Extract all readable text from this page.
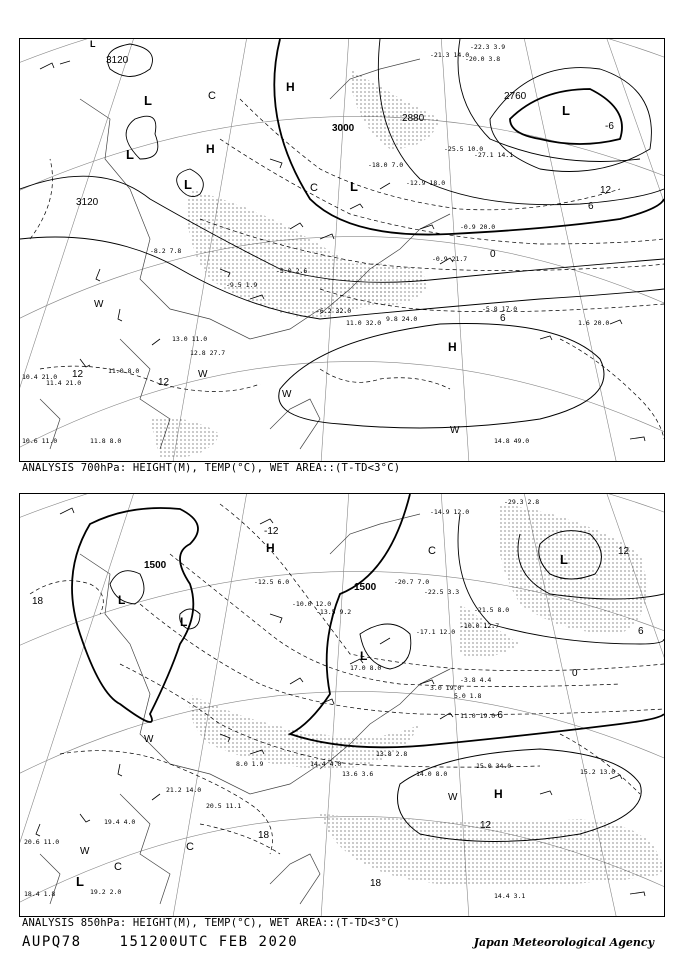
L
L
L	L
L
L
H
H
H
C
C
W
W
W
W
3120
3120
3000
2880
2760
12
12
12
6
0
-6
6
-21.3 14.0
-22.3 3.9
-20.0 3.8
-25.5 10.0
-27.1 14.1
-18.0 7.0
-12.9 18.0
-0.9 20.0
-0.9 21.7
-5.8 17.0
-6.2 32.0
11.0 32.0 9.8 24.0	1.6 20.0
12.8 27.7
13.0 11.0
11.0 8.0
11.4 21.0
10.4 21.0
10.6 11.0	11.8 8.0	14.8 49.0
-9.5 1.9
-8.2 7.8
-5.0 2.6
ANALYSIS 700hPa: HEIGHT(M), TEMP(°C), WET AREA::(T-TD<3°C)
L
L
L
L
L
H
H
C
C
C
W
W
W
1500
1500
18
-12
12
6
0
-6
18
12
18
-29.3 2.8
-14.9 12.0
-12.5 6.0
-10.0 12.0
-13.5 9.2
-17.1 12.0
-20.7 7.0
-22.5 3.3
-21.5 8.0
-10.0 12.7
-3.8 4.4
3.0 19.0
5.0 1.8
11.0 19.0
15.0 34.0
15.2 13.0
14.0 8.0
13.8 2.8
14.4 4.0
13.6 3.6
8.0 1.9
20.5 11.1
21.2 14.0
19.4 4.0
20.6 11.0
18.4 1.8	19.2 2.0	14.4 3.1
17.0 8.0
ANALYSIS 850hPa: HEIGHT(M), TEMP(°C), WET AREA::(T-TD<3°C)
AUPQ78	151200UTC FEB 2020	Japan Meteorological Agency
